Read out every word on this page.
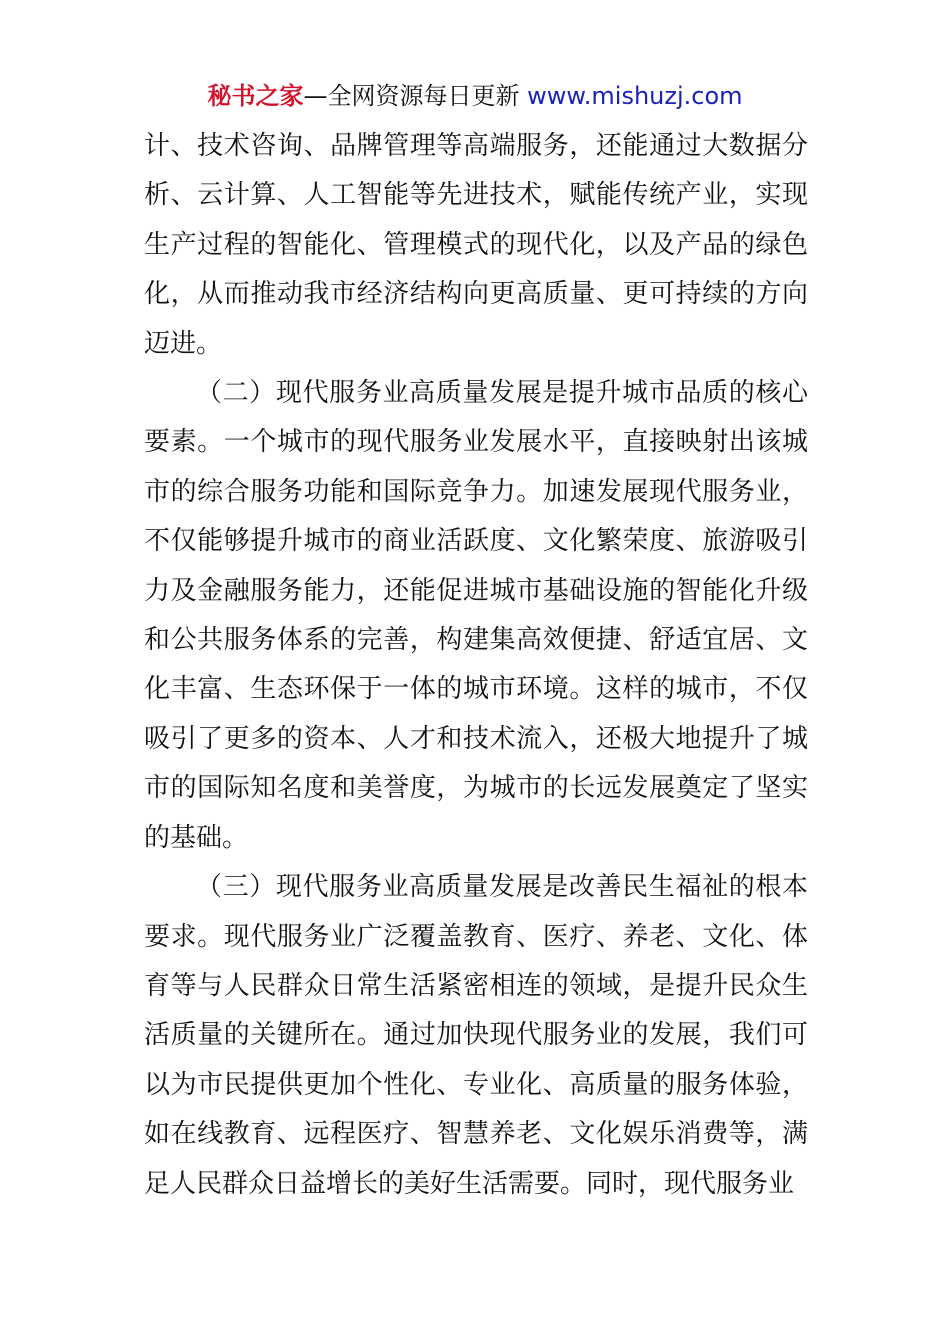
秘书之家—全网资源每日更新 www.mishuzj.com

计、技术咨询、品牌管理等高端服务，还能通过大数据分析、云计算、人工智能等先进技术，赋能传统产业，实现生产过程的智能化、管理模式的现代化，以及产品的绿色化，从而推动我市经济结构向更高质量、更可持续的方向迈进。

（二）现代服务业高质量发展是提升城市品质的核心要素。一个城市的现代服务业发展水平，直接映射出该城市的综合服务功能和国际竞争力。加速发展现代服务业，不仅能够提升城市的商业活跃度、文化繁荣度、旅游吸引力及金融服务能力，还能促进城市基础设施的智能化升级和公共服务体系的完善，构建集高效便捷、舒适宜居、文化丰富、生态环保于一体的城市环境。这样的城市，不仅吸引了更多的资本、人才和技术流入，还极大地提升了城市的国际知名度和美誉度，为城市的长远发展奠定了坚实的基础。

（三）现代服务业高质量发展是改善民生福祉的根本要求。现代服务业广泛覆盖教育、医疗、养老、文化、体育等与人民群众日常生活紧密相连的领域，是提升民众生活质量的关键所在。通过加快现代服务业的发展，我们可以为市民提供更加个性化、专业化、高质量的服务体验，如在线教育、远程医疗、智慧养老、文化娱乐消费等，满足人民群众日益增长的美好生活需要。同时，现代服务业
